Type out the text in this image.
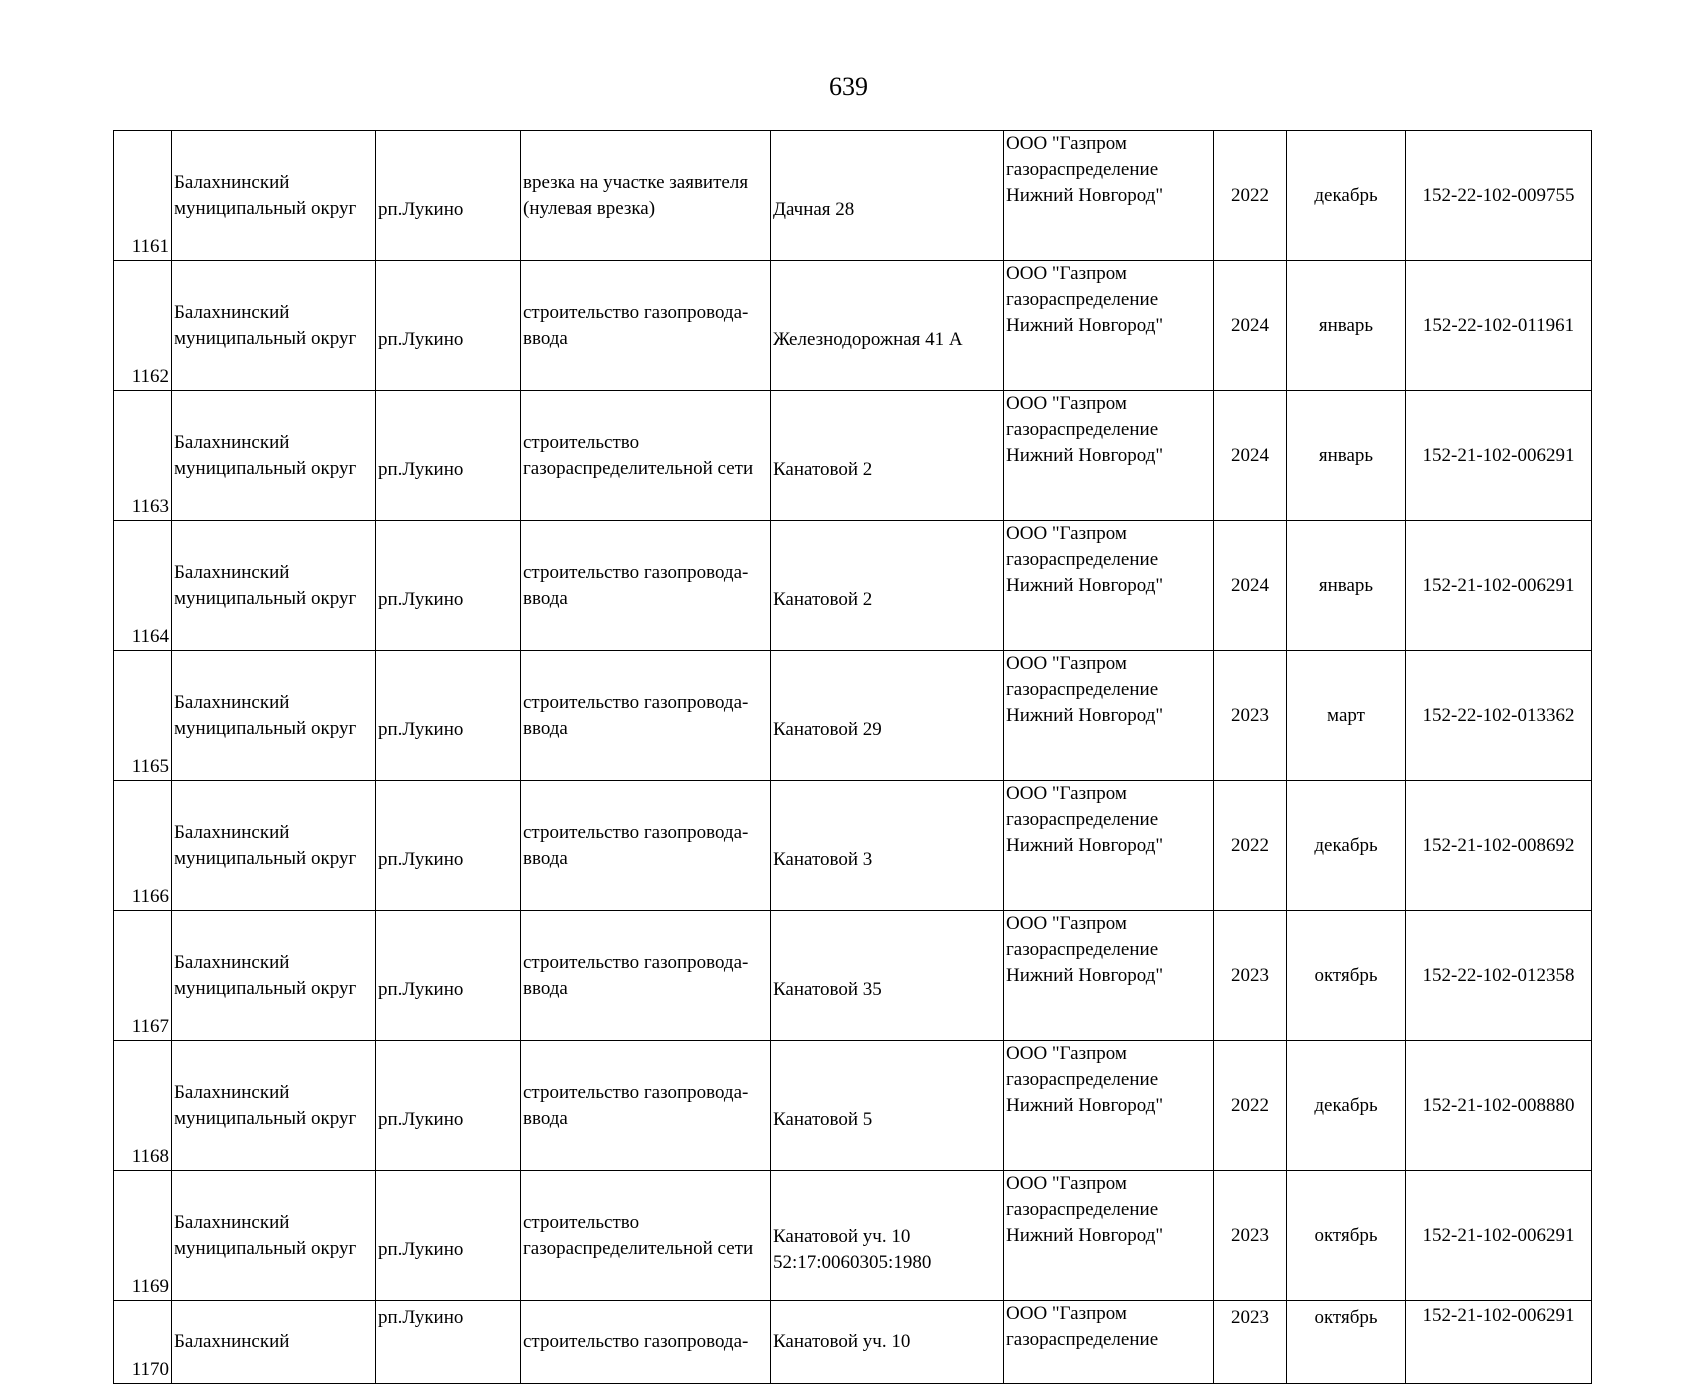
639
1161	Балахнинский муниципальный округ	рп.Лукино	врезка на участке заявителя (нулевая врезка)	Дачная 28	ООО "Газпром газораспределение Нижний Новгород"	2022	декабрь	152-22-102-009755
1162	Балахнинский муниципальный округ	рп.Лукино	строительство газопровода-ввода	Железнодорожная 41 А	ООО "Газпром газораспределение Нижний Новгород"	2024	январь	152-22-102-011961
1163	Балахнинский муниципальный округ	рп.Лукино	строительство газораспределительной сети	Канатовой 2	ООО "Газпром газораспределение Нижний Новгород"	2024	январь	152-21-102-006291
1164	Балахнинский муниципальный округ	рп.Лукино	строительство газопровода-ввода	Канатовой 2	ООО "Газпром газораспределение Нижний Новгород"	2024	январь	152-21-102-006291
1165	Балахнинский муниципальный округ	рп.Лукино	строительство газопровода-ввода	Канатовой 29	ООО "Газпром газораспределение Нижний Новгород"	2023	март	152-22-102-013362
1166	Балахнинский муниципальный округ	рп.Лукино	строительство газопровода-ввода	Канатовой 3	ООО "Газпром газораспределение Нижний Новгород"	2022	декабрь	152-21-102-008692
1167	Балахнинский муниципальный округ	рп.Лукино	строительство газопровода-ввода	Канатовой 35	ООО "Газпром газораспределение Нижний Новгород"	2023	октябрь	152-22-102-012358
1168	Балахнинский муниципальный округ	рп.Лукино	строительство газопровода-ввода	Канатовой 5	ООО "Газпром газораспределение Нижний Новгород"	2022	декабрь	152-21-102-008880
1169	Балахнинский муниципальный округ	рп.Лукино	строительство газораспределительной сети	Канатовой уч. 10 52:17:0060305:1980	ООО "Газпром газораспределение Нижний Новгород"	2023	октябрь	152-21-102-006291
1170	Балахнинский	рп.Лукино	строительство газопровода-	Канатовой уч. 10	ООО "Газпром газораспределение	2023	октябрь	152-21-102-006291
